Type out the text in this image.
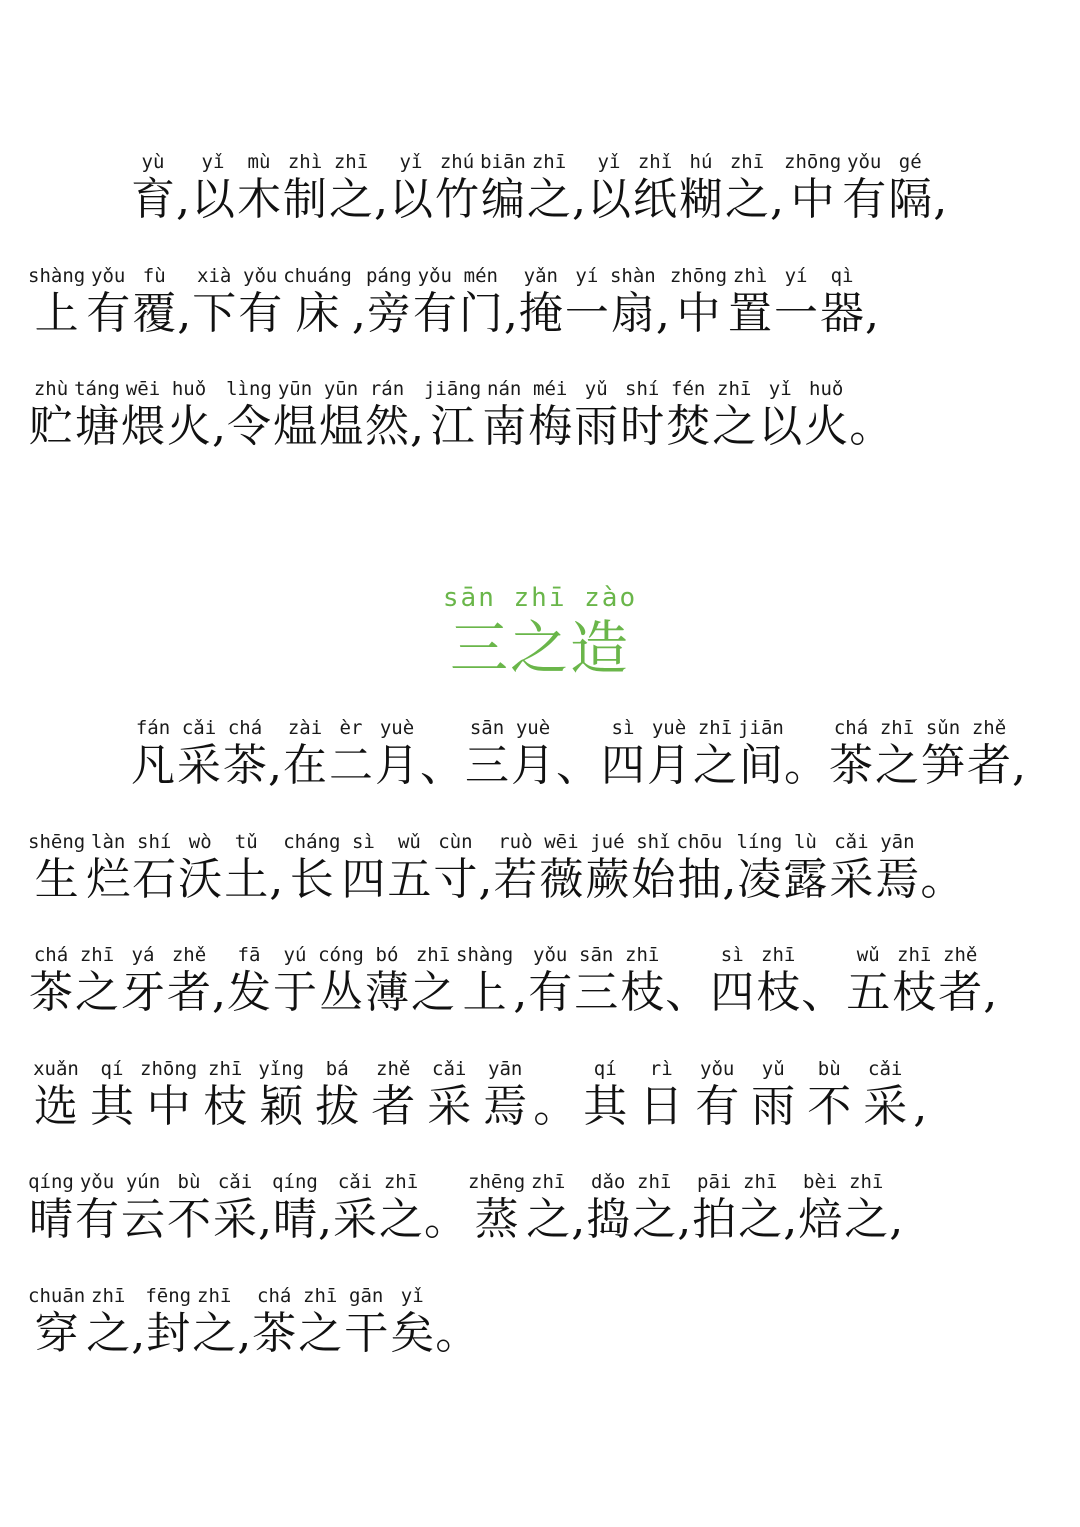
yù
育 ,
yǐ
以
mù
木
zhì
制
zhī
之 ,
yǐ
以
zhú
竹
biān
编
zhī
之 ,
yǐ
以
zhǐ
纸
hú
糊
zhī
之 ,
zhōng
中
yǒu
有
gé
隔 ,
shàng
上
yǒu
有
fù
覆 ,
xià
下
yǒu
有
chuáng
床 ,
páng
旁
yǒu
有
mén
门 ,
yǎn
掩
yí
一
shàn
扇 ,
zhōng
中
zhì
置
yí
一
qì
器 ,
zhù
贮
táng
塘
wēi
煨
huǒ
火 ,
lìng
令
yūn
煴
yūn
煴
rán
然 ,
jiāng
江
nán
南
méi
梅
yǔ
雨
shí
时
fén
焚
zhī
之
yǐ
以
huǒ
火 。
sān zhī zào
三之造
fán
凡
cǎi
采
chá
茶 ,
zài
在
èr
二
yuè
月 、
sān
三
yuè
月 、
sì
四
yuè
月
zhī
之
jiān
间 。
chá
茶
zhī
之
sǔn
笋
zhě
者 ,
shēng
生
làn
烂
shí
石
wò
沃
tǔ
土 ,
cháng
长
sì
四
wǔ
五
cùn
寸 ,
ruò
若
wēi
薇
jué
蕨
shǐ
始
chōu
抽 ,
líng
凌
lù
露
cǎi
采
yān
焉 。
chá
茶
zhī
之
yá
牙
zhě
者 ,
fā
发
yú
于
cóng
丛
bó
薄
zhī
之
shàng
上 ,
yǒu
有
sān
三
zhī
枝 、
sì
四
zhī
枝 、
wǔ
五
zhī
枝
zhě
者 ,
xuǎn
选
qí
其
zhōng
中
zhī
枝
yǐng
颖
bá
拔
zhě
者
cǎi
采
yān
焉 。
qí
其
rì
日
yǒu
有
yǔ
雨
bù
不
cǎi
采 ,
qíng
晴
yǒu
有
yún
云
bù
不
cǎi
采 ,
qíng
晴 ,
cǎi
采
zhī
之 。
zhēng
蒸
zhī
之 ,
dǎo
捣
zhī
之 ,
pāi
拍
zhī
之 ,
bèi
焙
zhī
之 ,
chuān
穿
zhī
之 ,
fēng
封
zhī
之 ,
chá
茶
zhī
之
gān
干
yǐ
矣 。
